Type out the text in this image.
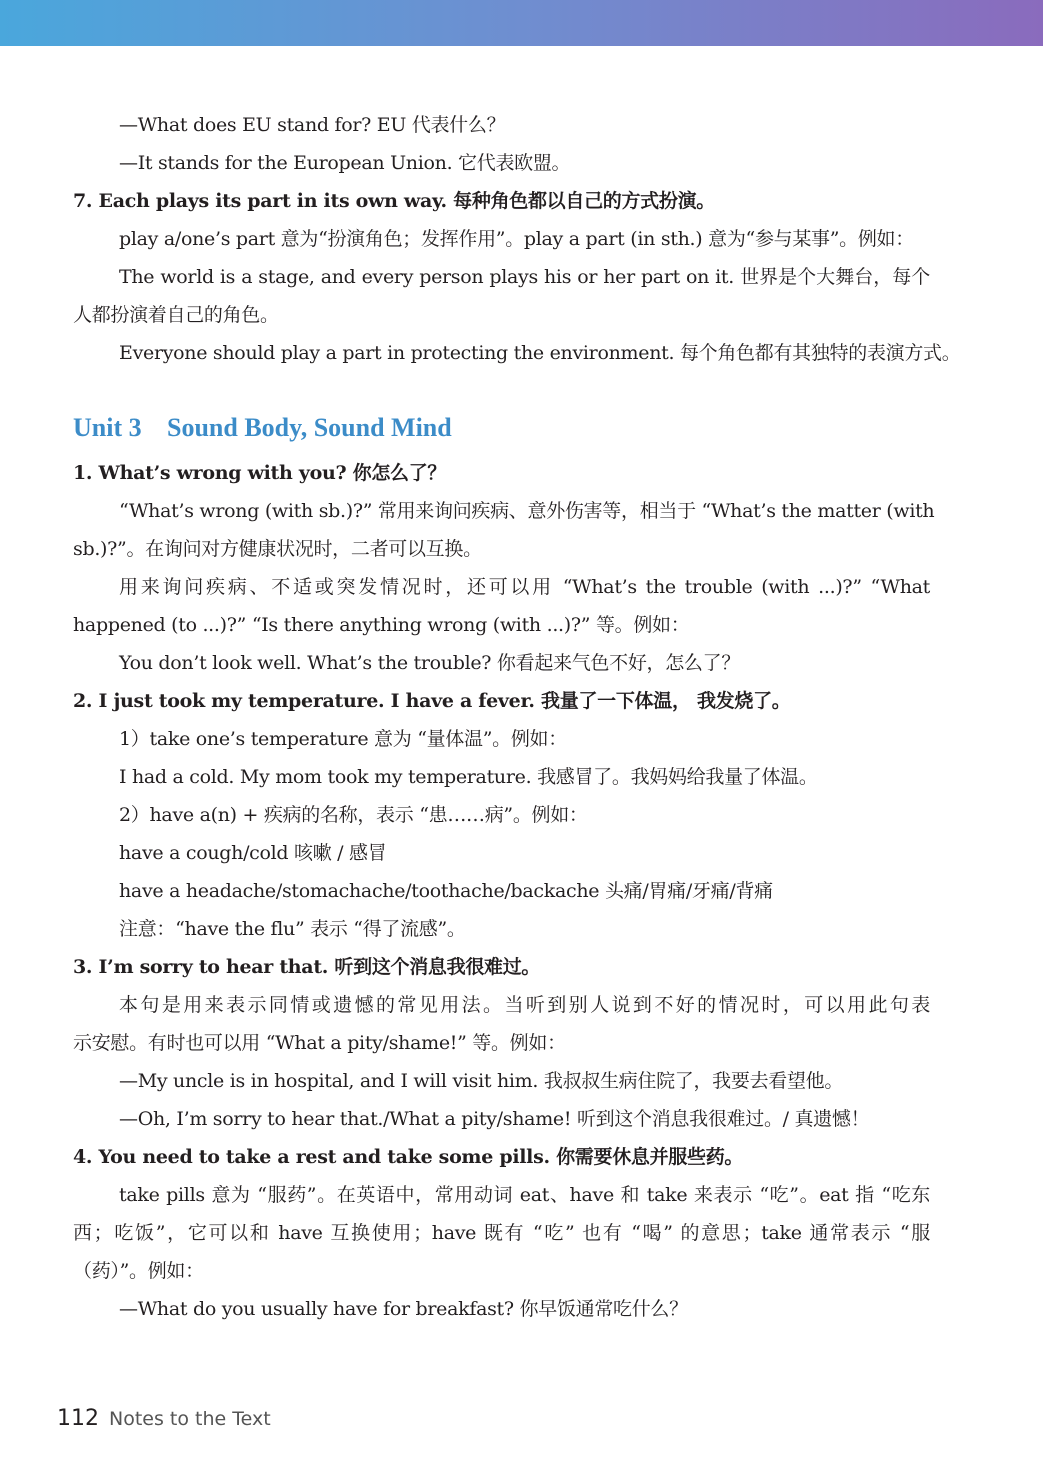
—What does EU stand for? EU 代表什么？
—It stands for the European Union. 它代表欧盟。
7. Each plays its part in its own way. 每种角色都以自己的方式扮演。
play a/one’s part 意为“扮演角色；发挥作用”。play a part (in sth.) 意为“参与某事”。例如：
The world is a stage, and every person plays his or her part on it. 世界是个大舞台，每个
人都扮演着自己的角色。
Everyone should play a part in protecting the environment. 每个角色都有其独特的表演方式。
Unit 3 Sound Body, Sound Mind
1. What’s wrong with you? 你怎么了？
“What’s wrong (with sb.)?” 常用来询问疾病、意外伤害等，相当于 “What’s the matter (with
sb.)?”。在询问对方健康状况时，二者可以互换。
用来询问疾病、不适或突发情况时，还可以用 “What’s the trouble (with ...)?” “What
happened (to ...)?” “Is there anything wrong (with ...)?” 等。例如：
You don’t look well. What’s the trouble? 你看起来气色不好，怎么了？
2. I just took my temperature. I have a fever. 我量了一下体温， 我发烧了。
1）take one’s temperature 意为 “量体温”。例如：
I had a cold. My mom took my temperature. 我感冒了。我妈妈给我量了体温。
2）have a(n) + 疾病的名称，表示 “患……病”。例如：
have a cough/cold 咳嗽 / 感冒
have a headache/stomachache/toothache/backache 头痛/胃痛/牙痛/背痛
注意：“have the flu” 表示 “得了流感”。
3. I’m sorry to hear that. 听到这个消息我很难过。
本句是用来表示同情或遗憾的常见用法。当听到别人说到不好的情况时，可以用此句表
示安慰。有时也可以用 “What a pity/shame!” 等。例如：
—My uncle is in hospital, and I will visit him. 我叔叔生病住院了，我要去看望他。
—Oh, I’m sorry to hear that./What a pity/shame! 听到这个消息我很难过。/ 真遗憾！
4. You need to take a rest and take some pills. 你需要休息并服些药。
take pills 意为 “服药”。在英语中，常用动词 eat、have 和 take 来表示 “吃”。eat 指 “吃东
西；吃饭”，它可以和 have 互换使用；have 既有 “吃” 也有 “喝” 的意思；take 通常表示 “服
（药）”。例如：
—What do you usually have for breakfast? 你早饭通常吃什么？
112 Notes to the Text
